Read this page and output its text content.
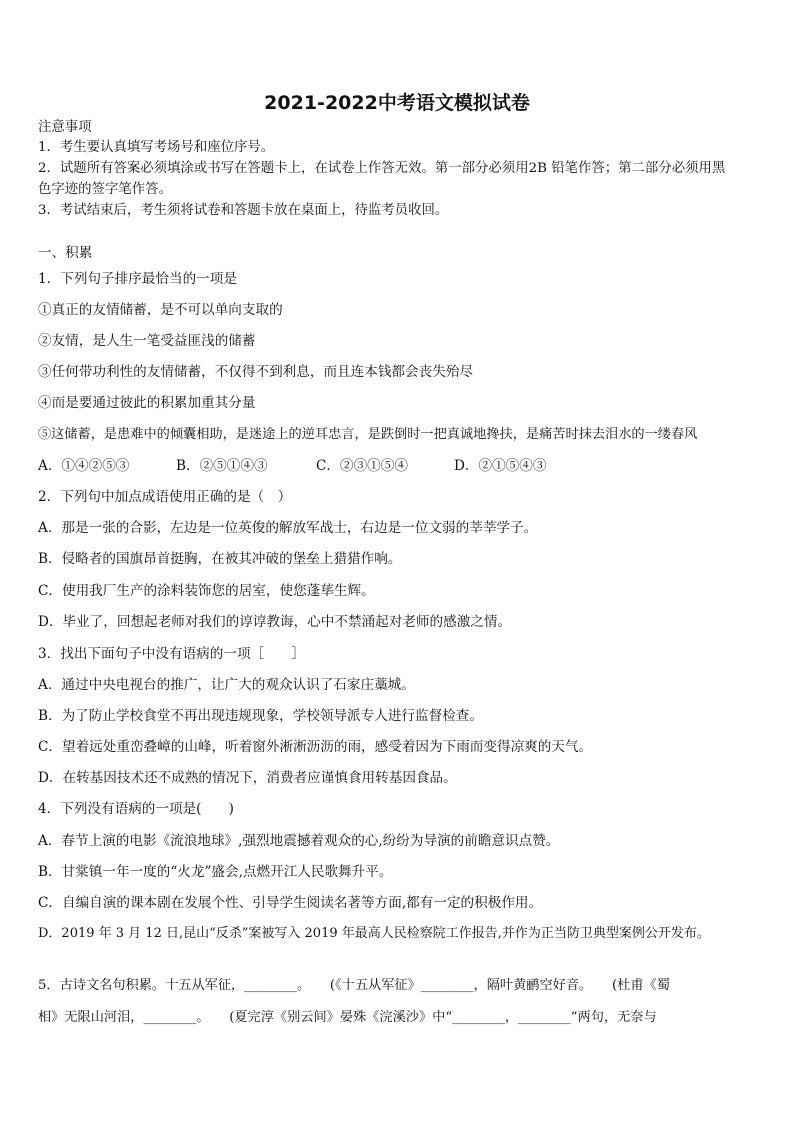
2021-2022中考语文模拟试卷
注意事项
1．考生要认真填写考场号和座位序号。
2．试题所有答案必须填涂或书写在答题卡上，在试卷上作答无效。第一部分必须用2B 铅笔作答；第二部分必须用黑
色字迹的签字笔作答。
3．考试结束后，考生须将试卷和答题卡放在桌面上，待监考员收回。
一、积累
1．下列句子排序最恰当的一项是
①真正的友情储蓄，是不可以单向支取的
②友情，是人生一笔受益匪浅的储蓄
③任何带功利性的友情储蓄，不仅得不到利息，而且连本钱都会丧失殆尽
④而是要通过彼此的积累加重其分量
⑤这储蓄，是患难中的倾囊相助，是迷途上的逆耳忠言，是跌倒时一把真诚地搀扶，是痛苦时抹去泪水的一缕春风
A．①④②⑤③	B．②⑤①④③	C．②③①⑤④	D．②①⑤④③
2．下列句中加点成语使用正确的是（　）
A．那是一张的合影，左边是一位英俊的解放军战士，右边是一位文弱的莘莘学子。
B．侵略者的国旗昂首挺胸，在被其冲破的堡垒上猎猎作响。
C．使用我厂生产的涂料装饰您的居室，使您蓬荜生辉。
D．毕业了，回想起老师对我们的谆谆教诲，心中不禁涌起对老师的感激之情。
3．找出下面句子中没有语病的一项［　　］
A．通过中央电视台的推广，让广大的观众认识了石家庄藁城。
B．为了防止学校食堂不再出现违规现象，学校领导派专人进行监督检查。
C．望着远处重峦叠嶂的山峰，听着窗外淅淅沥沥的雨，感受着因为下雨而变得凉爽的天气。
D．在转基因技术还不成熟的情况下，消费者应谨慎食用转基因食品。
4．下列没有语病的一项是(　　)
A．春节上演的电影《流浪地球》,强烈地震撼着观众的心,纷纷为导演的前瞻意识点赞。
B．甘棠镇一年一度的“火龙”盛会,点燃开江人民歌舞升平。
C．自编自演的课本剧在发展个性、引导学生阅读名著等方面,都有一定的积极作用。
D．2019 年 3 月 12 日,昆山“反杀”案被写入 2019 年最高人民检察院工作报告,并作为正当防卫典型案例公开发布。
5．古诗文名句积累。十五从军征，________。　　(《十五从军征》________，隔叶黄鹂空好音。　　(杜甫《蜀
相》无限山河泪，________。　　(夏完淳《别云间》晏殊《浣溪沙》中“________，________”两句，无奈与
